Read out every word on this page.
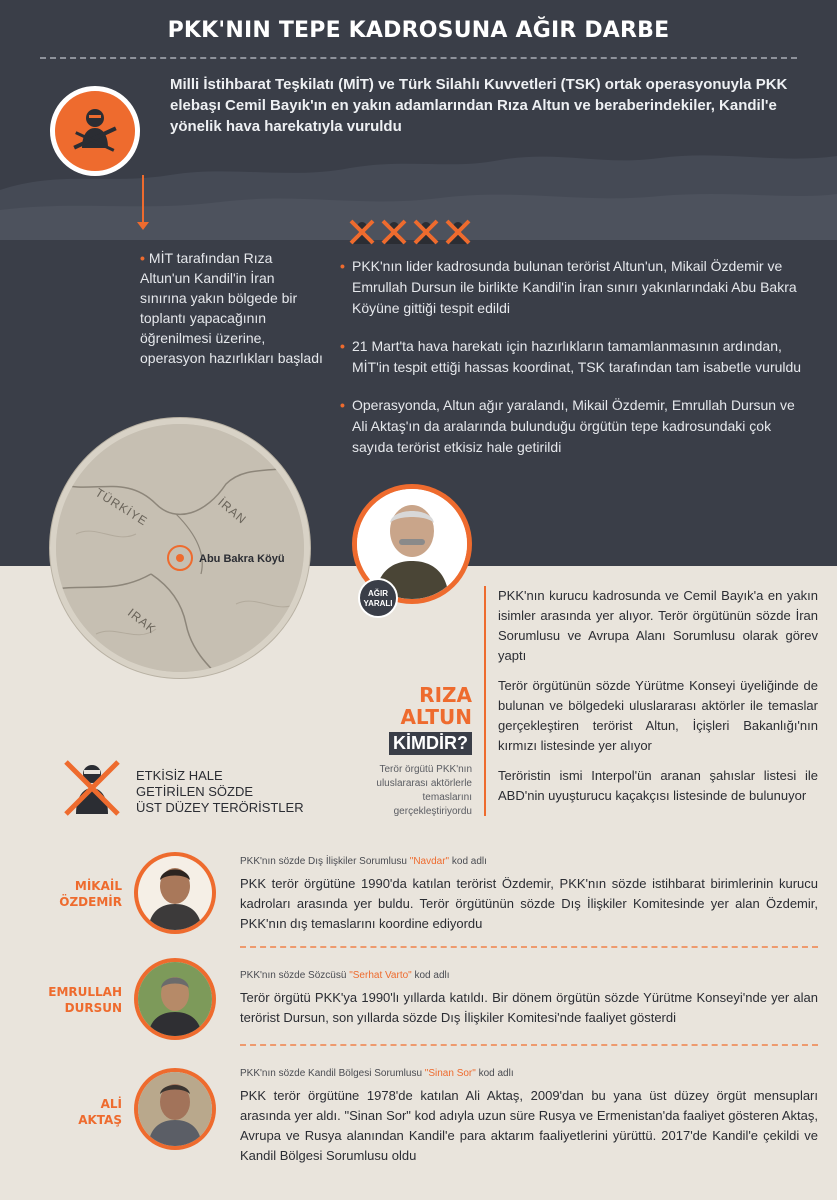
PKK'NIN TEPE KADROSUNA AĞIR DARBE
Milli İstihbarat Teşkilatı (MİT) ve Türk Silahlı Kuvvetleri (TSK) ortak operasyonuyla PKK elebaşı Cemil Bayık'ın en yakın adamlarından Rıza Altun ve beraberindekiler, Kandil'e yönelik hava harekatıyla vuruldu
• MİT tarafından Rıza Altun'un Kandil'in İran sınırına yakın bölgede bir toplantı yapacağının öğrenilmesi üzerine, operasyon hazırlıkları başladı
• PKK'nın lider kadrosunda bulunan terörist Altun'un, Mikail Özdemir ve Emrullah Dursun ile birlikte Kandil'in İran sınırı yakınlarındaki Abu Bakra Köyüne gittiği tespit edildi
• 21 Mart'ta hava harekatı için hazırlıkların tamamlanmasının ardından, MİT'in tespit ettiği hassas koordinat, TSK tarafından tam isabetle vuruldu
• Operasyonda, Altun ağır yaralandı, Mikail Özdemir, Emrullah Dursun ve Ali Aktaş'ın da aralarında bulunduğu örgütün tepe kadrosundaki çok sayıda terörist etkisiz hale getirildi
TÜRKİYE	İRAN
IRAK
Abu Bakra Köyü
AĞIR YARALI
RIZA
ALTUN
KİMDİR?
Terör örgütü PKK'nın uluslararası aktörlerle temaslarını gerçekleştiriyordu

PKK'nın kurucu kadrosunda ve Cemil Bayık'a en yakın isimler arasında yer alıyor. Terör örgütünün sözde İran Sorumlusu ve Avrupa Alanı Sorumlusu olarak görev yaptı

Terör örgütünün sözde Yürütme Konseyi üyeliğinde de bulunan ve bölgedeki uluslararası aktörler ile temaslar gerçekleştiren terörist Altun, İçişleri Bakanlığı'nın kırmızı listesinde yer alıyor

Teröristin ismi Interpol'ün aranan şahıslar listesi ile ABD'nin uyuşturucu kaçakçısı listesinde de bulunuyor

ETKİSİZ HALE
GETİRİLEN SÖZDE
ÜST DÜZEY TERÖRİSTLER
MİKAİL
ÖZDEMİR
PKK'nın sözde Dış İlişkiler Sorumlusu "Navdar" kod adlı
PKK terör örgütüne 1990'da katılan terörist Özdemir, PKK'nın sözde istihbarat birimlerinin kurucu kadroları arasında yer buldu. Terör örgütünün sözde Dış İlişkiler Komitesinde yer alan Özdemir, PKK'nın dış temaslarını koordine ediyordu
EMRULLAH
DURSUN
PKK'nın sözde Sözcüsü "Serhat Varto" kod adlı
Terör örgütü PKK'ya 1990'lı yıllarda katıldı. Bir dönem örgütün sözde Yürütme Konseyi'nde yer alan terörist Dursun, son yıllarda sözde Dış İlişkiler Komitesi'nde faaliyet gösterdi
ALİ
AKTAŞ
PKK'nın sözde Kandil Bölgesi Sorumlusu "Sinan Sor" kod adlı
PKK terör örgütüne 1978'de katılan Ali Aktaş, 2009'dan bu yana üst düzey örgüt mensupları arasında yer aldı. "Sinan Sor" kod adıyla uzun süre Rusya ve Ermenistan'da faaliyet gösteren Aktaş, Avrupa ve Rusya alanından Kandil'e para aktarım faaliyetlerini yürüttü. 2017'de Kandil'e çekildi ve Kandil Bölgesi Sorumlusu oldu
